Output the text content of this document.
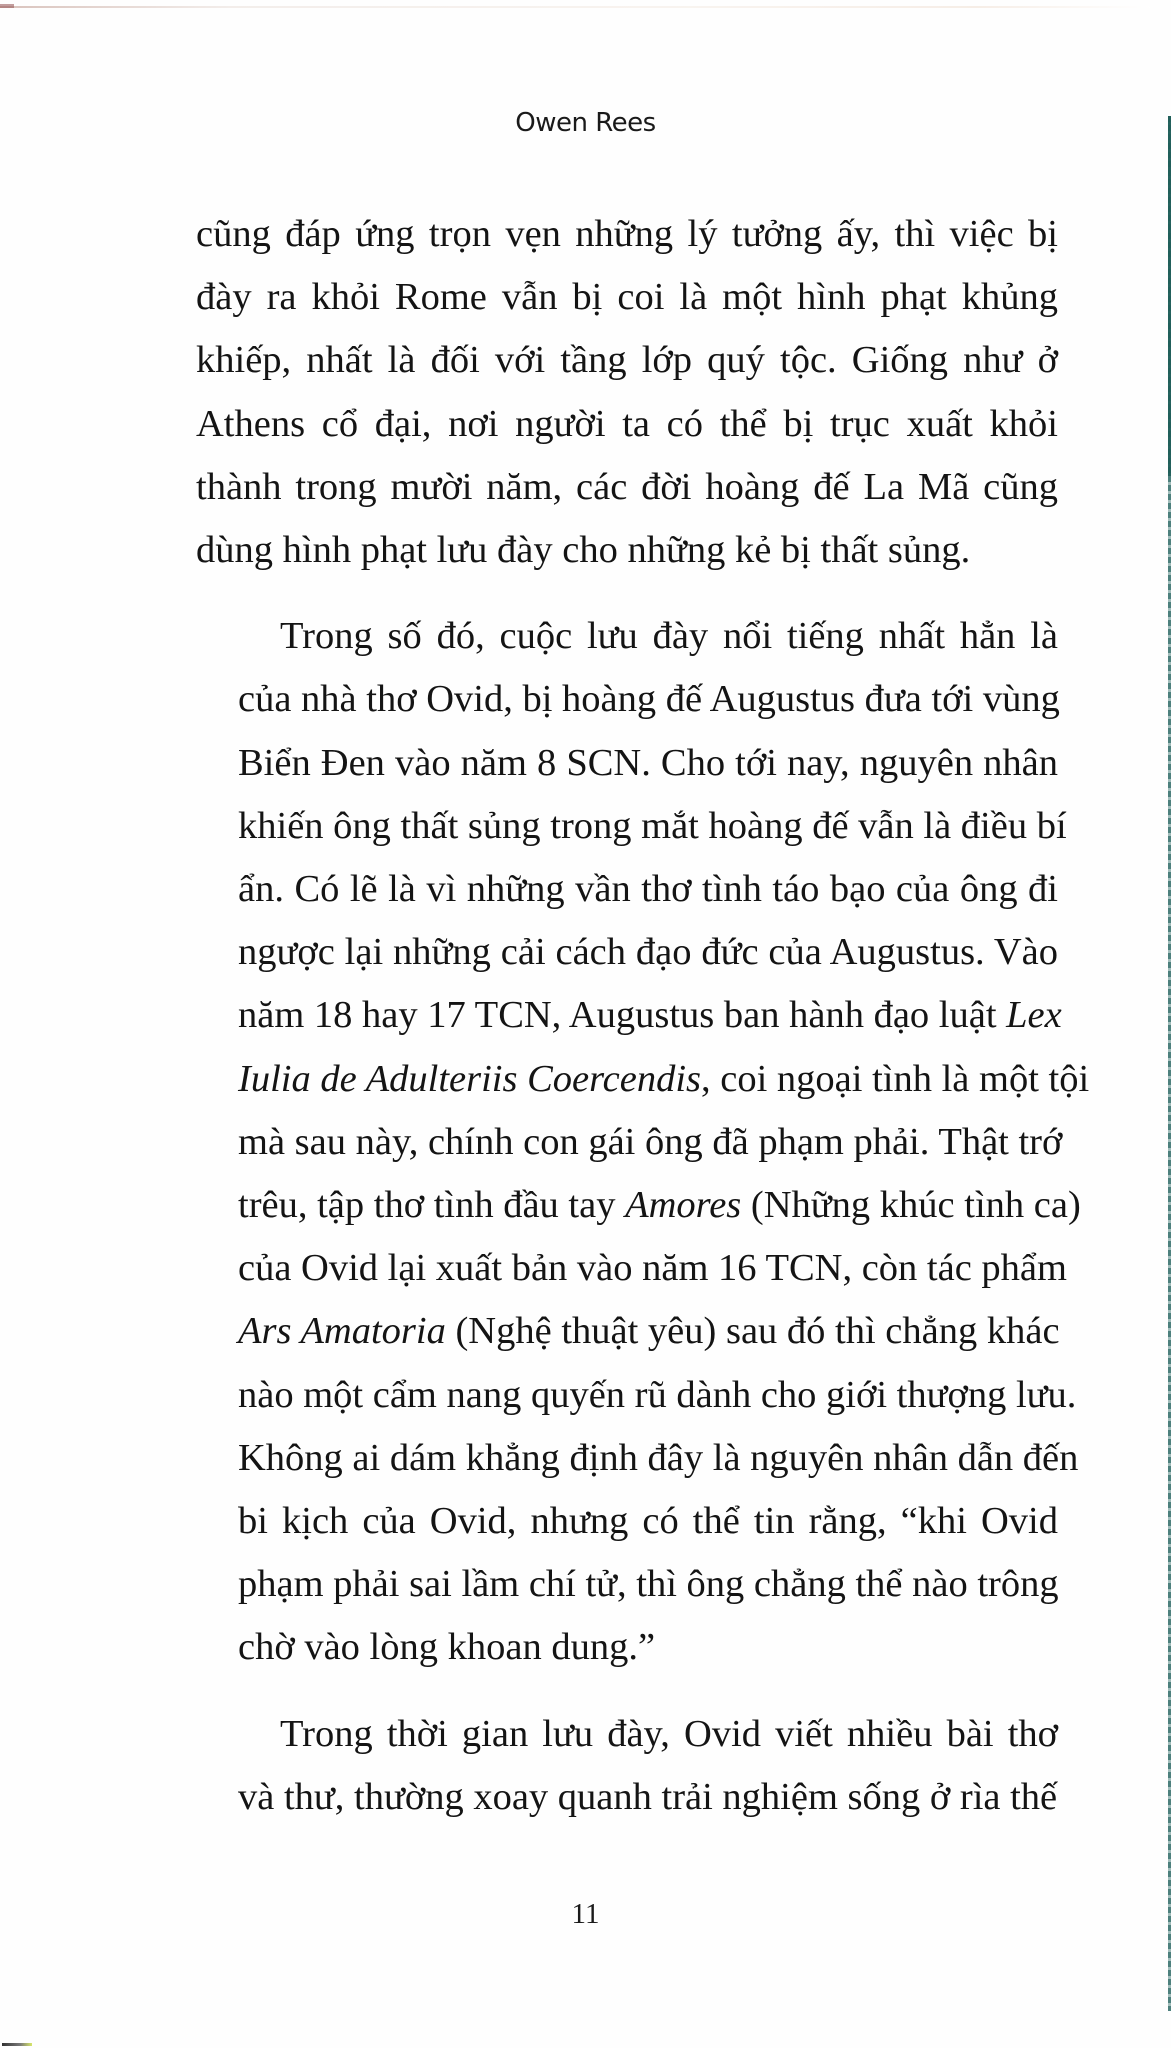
Owen Rees

cũng đáp ứng trọn vẹn những lý tưởng ấy, thì việc bị
đày ra khỏi Rome vẫn bị coi là một hình phạt khủng
khiếp, nhất là đối với tầng lớp quý tộc. Giống như ở
Athens cổ đại, nơi người ta có thể bị trục xuất khỏi
thành trong mười năm, các đời hoàng đế La Mã cũng
dùng hình phạt lưu đày cho những kẻ bị thất sủng.

Trong số đó, cuộc lưu đày nổi tiếng nhất hẳn là
của nhà thơ Ovid, bị hoàng đế Augustus đưa tới vùng
Biển Đen vào năm 8 SCN. Cho tới nay, nguyên nhân
khiến ông thất sủng trong mắt hoàng đế vẫn là điều bí
ẩn. Có lẽ là vì những vần thơ tình táo bạo của ông đi
ngược lại những cải cách đạo đức của Augustus. Vào
năm 18 hay 17 TCN, Augustus ban hành đạo luật Lex
Iulia de Adulteriis Coercendis, coi ngoại tình là một tội
mà sau này, chính con gái ông đã phạm phải. Thật trớ
trêu, tập thơ tình đầu tay Amores (Những khúc tình ca)
của Ovid lại xuất bản vào năm 16 TCN, còn tác phẩm
Ars Amatoria (Nghệ thuật yêu) sau đó thì chẳng khác
nào một cẩm nang quyến rũ dành cho giới thượng lưu.
Không ai dám khẳng định đây là nguyên nhân dẫn đến
bi kịch của Ovid, nhưng có thể tin rằng, “khi Ovid
phạm phải sai lầm chí tử, thì ông chẳng thể nào trông
chờ vào lòng khoan dung.”

Trong thời gian lưu đày, Ovid viết nhiều bài thơ
và thư, thường xoay quanh trải nghiệm sống ở rìa thế

11
